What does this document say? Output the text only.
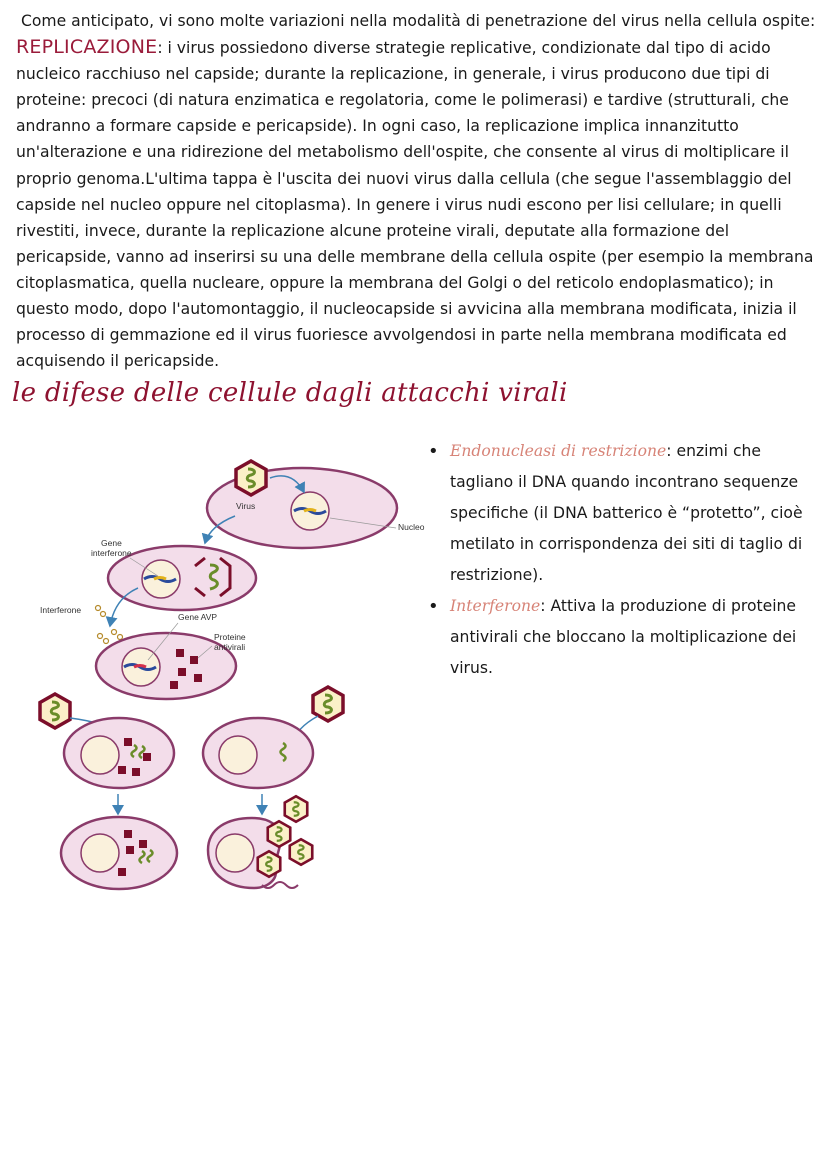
Come anticipato, vi sono molte variazioni nella modalità di penetrazione del virus nella cellula ospite:
REPLICAZIONE: i virus possiedono diverse strategie replicative, condizionate dal tipo di acido nucleico racchiuso nel capside; durante la replicazione, in generale, i virus producono due tipi di proteine: precoci (di natura enzimatica e regolatoria, come le polimerasi) e tardive (strutturali, che andranno a formare capside e pericapside). In ogni caso, la replicazione implica innanzitutto un'alterazione e una ridirezione del metabolismo dell'ospite, che consente al virus di moltiplicare il proprio genoma.L'ultima tappa è l'uscita dei nuovi virus dalla cellula (che segue l'assemblaggio del capside nel nucleo oppure nel citoplasma). In genere i virus nudi escono per lisi cellulare; in quelli rivestiti, invece, durante la replicazione alcune proteine virali, deputate alla formazione del pericapside, vanno ad inserirsi su una delle membrane della cellula ospite (per esempio la membrana citoplasmatica, quella nucleare, oppure la membrana del Golgi o del reticolo endoplasmatico); in questo modo, dopo l'automontaggio, il nucleocapside si avvicina alla membrana modificata, inizia il processo di gemmazione ed il virus fuoriesce avvolgendosi in parte nella membrana modificata ed acquisendo il pericapside.
le difese delle cellule dagli attacchi virali
Virus
Nucleo
Gene
interferone
Interferone
Gene AVP
Proteine
antivirali
• Endonucleasi di restrizione: enzimi che tagliano il DNA quando incontrano sequenze specifiche (il DNA batterico è “protetto”, cioè metilato in corrispondenza dei siti di taglio di restrizione).
• Interferone: Attiva la produzione di proteine antivirali che bloccano la moltiplicazione dei virus.
